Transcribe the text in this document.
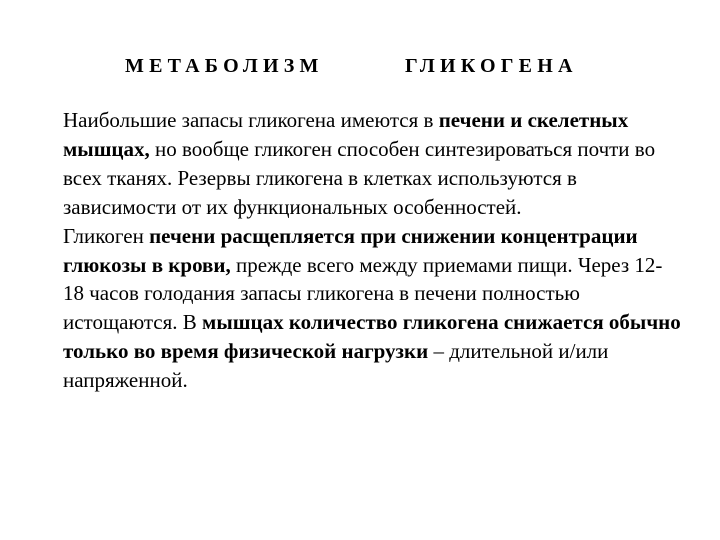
МЕТАБОЛИЗМ	ГЛИКОГЕНА

Наибольшие запасы гликогена имеются в печени и скелетных мышцах, но вообще гликоген способен синтезироваться почти во всех тканях. Резервы гликогена в клетках используются в зависимости от их функциональных особенностей.

Гликоген печени расщепляется при снижении концентрации глюкозы в крови, прежде всего между приемами пищи. Через 12-18 часов голодания запасы гликогена в печени полностью истощаются. В мышцах количество гликогена снижается обычно только во время физической нагрузки – длительной и/или напряженной.
